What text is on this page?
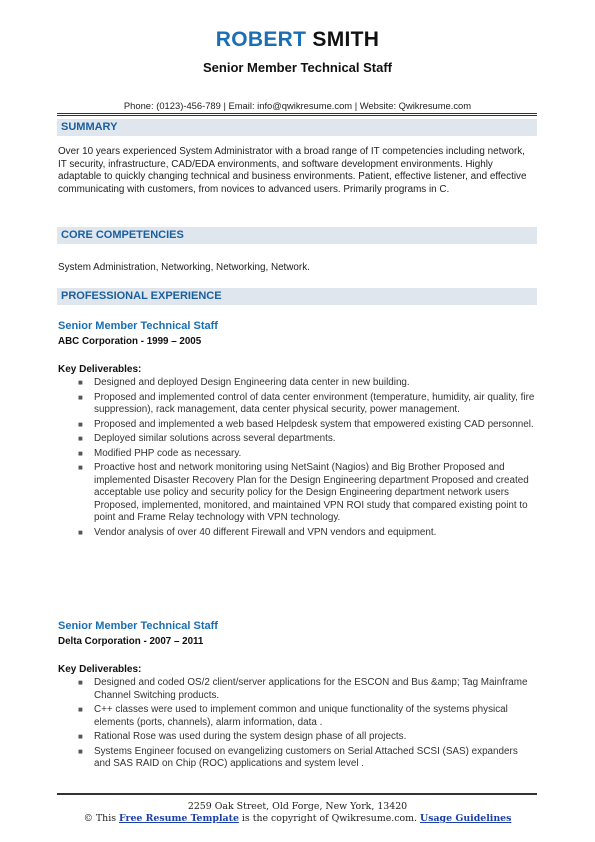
ROBERT SMITH
Senior Member Technical Staff
Phone: (0123)-456-789 | Email: info@qwikresume.com | Website: Qwikresume.com
SUMMARY
Over 10 years experienced System Administrator with a broad range of IT competencies including network, IT security, infrastructure, CAD/EDA environments, and software development environments. Highly adaptable to quickly changing technical and business environments. Patient, effective listener, and effective communicating with customers, from novices to advanced users. Primarily programs in C.
CORE COMPETENCIES
System Administration, Networking, Networking, Network.
PROFESSIONAL EXPERIENCE
Senior Member Technical Staff
ABC Corporation - 1999 – 2005
Key Deliverables:
■ Designed and deployed Design Engineering data center in new building.
■ Proposed and implemented control of data center environment (temperature, humidity, air quality, fire suppression), rack management, data center physical security, power management.
■ Proposed and implemented a web based Helpdesk system that empowered existing CAD personnel.
■ Deployed similar solutions across several departments.
■ Modified PHP code as necessary.
■ Proactive host and network monitoring using NetSaint (Nagios) and Big Brother Proposed and implemented Disaster Recovery Plan for the Design Engineering department Proposed and created acceptable use policy and security policy for the Design Engineering department network users Proposed, implemented, monitored, and maintained VPN ROI study that compared existing point to point and Frame Relay technology with VPN technology.
■ Vendor analysis of over 40 different Firewall and VPN vendors and equipment.
Senior Member Technical Staff
Delta Corporation - 2007 – 2011
Key Deliverables:
■ Designed and coded OS/2 client/server applications for the ESCON and Bus &amp; Tag Mainframe Channel Switching products.
■ C++ classes were used to implement common and unique functionality of the systems physical elements (ports, channels), alarm information, data .
■ Rational Rose was used during the system design phase of all projects.
■ Systems Engineer focused on evangelizing customers on Serial Attached SCSI (SAS) expanders and SAS RAID on Chip (ROC) applications and system level .
2259 Oak Street, Old Forge, New York, 13420
© This Free Resume Template is the copyright of Qwikresume.com. Usage Guidelines
